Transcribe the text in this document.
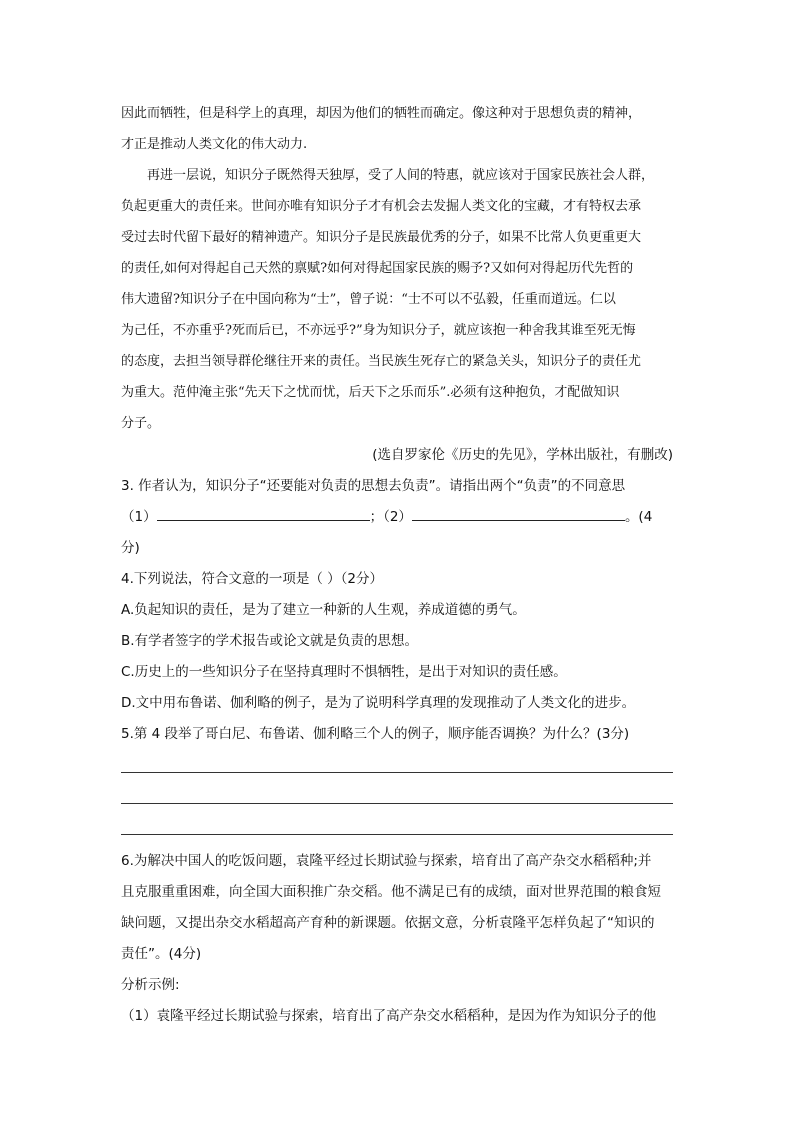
因此而牺牲，但是科学上的真理，却因为他们的牺牲而确定。像这种对于思想负责的精神，
才正是推动人类文化的伟大动力.
再进一层说，知识分子既然得天独厚，受了人间的特惠，就应该对于国家民族社会人群，
负起更重大的责任来。世间亦唯有知识分子才有机会去发掘人类文化的宝藏，才有特权去承
受过去时代留下最好的精神遗产。知识分子是民族最优秀的分子，如果不比常人负更重更大
的责任,如何对得起自己天然的禀赋?如何对得起国家民族的赐予?又如何对得起历代先哲的
伟大遗留?知识分子在中国向称为“士”，曾子说：“士不可以不弘毅，任重而道远。仁以
为己任，不亦重乎?死而后已，不亦远乎?”身为知识分子，就应该抱一种舍我其谁至死无悔
的态度，去担当领导群伦继往开来的责任。当民族生死存亡的紧急关头，知识分子的责任尤
为重大。范仲淹主张“先天下之忧而忧，后天下之乐而乐”.必须有这种抱负，才配做知识
分子。
(选自罗家伦《历史的先见》，学林出版社，有删改)
3. 作者认为，知识分子“还要能对负责的思想去负责”。请指出两个“负责”的不同意思
（1）	；（2）	。(4
分)
4.下列说法，符合文意的一项是（ ）（2分）
A.负起知识的责任，是为了建立一种新的人生观，养成道德的勇气。
B.有学者签字的学术报告或论文就是负责的思想。
C.历史上的一些知识分子在坚持真理时不惧牺牲，是出于对知识的责任感。
D.文中用布鲁诺、伽利略的例子，是为了说明科学真理的发现推动了人类文化的进步。
5.第 4 段举了哥白尼、布鲁诺、伽利略三个人的例子，顺序能否调换？为什么？(3分)
6.为解决中国人的吃饭问题，袁隆平经过长期试验与探索，培育出了高产杂交水稻稻种;并
且克服重重困难，向全国大面积推广杂交稻。他不满足已有的成绩，面对世界范围的粮食短
缺问题，又提出杂交水稻超高产育种的新课题。依据文意，分析袁隆平怎样负起了“知识的
责任”。(4分)
分析示例:
（1）袁隆平经过长期试验与探索，培育出了高产杂交水稻稻种，是因为作为知识分子的他
